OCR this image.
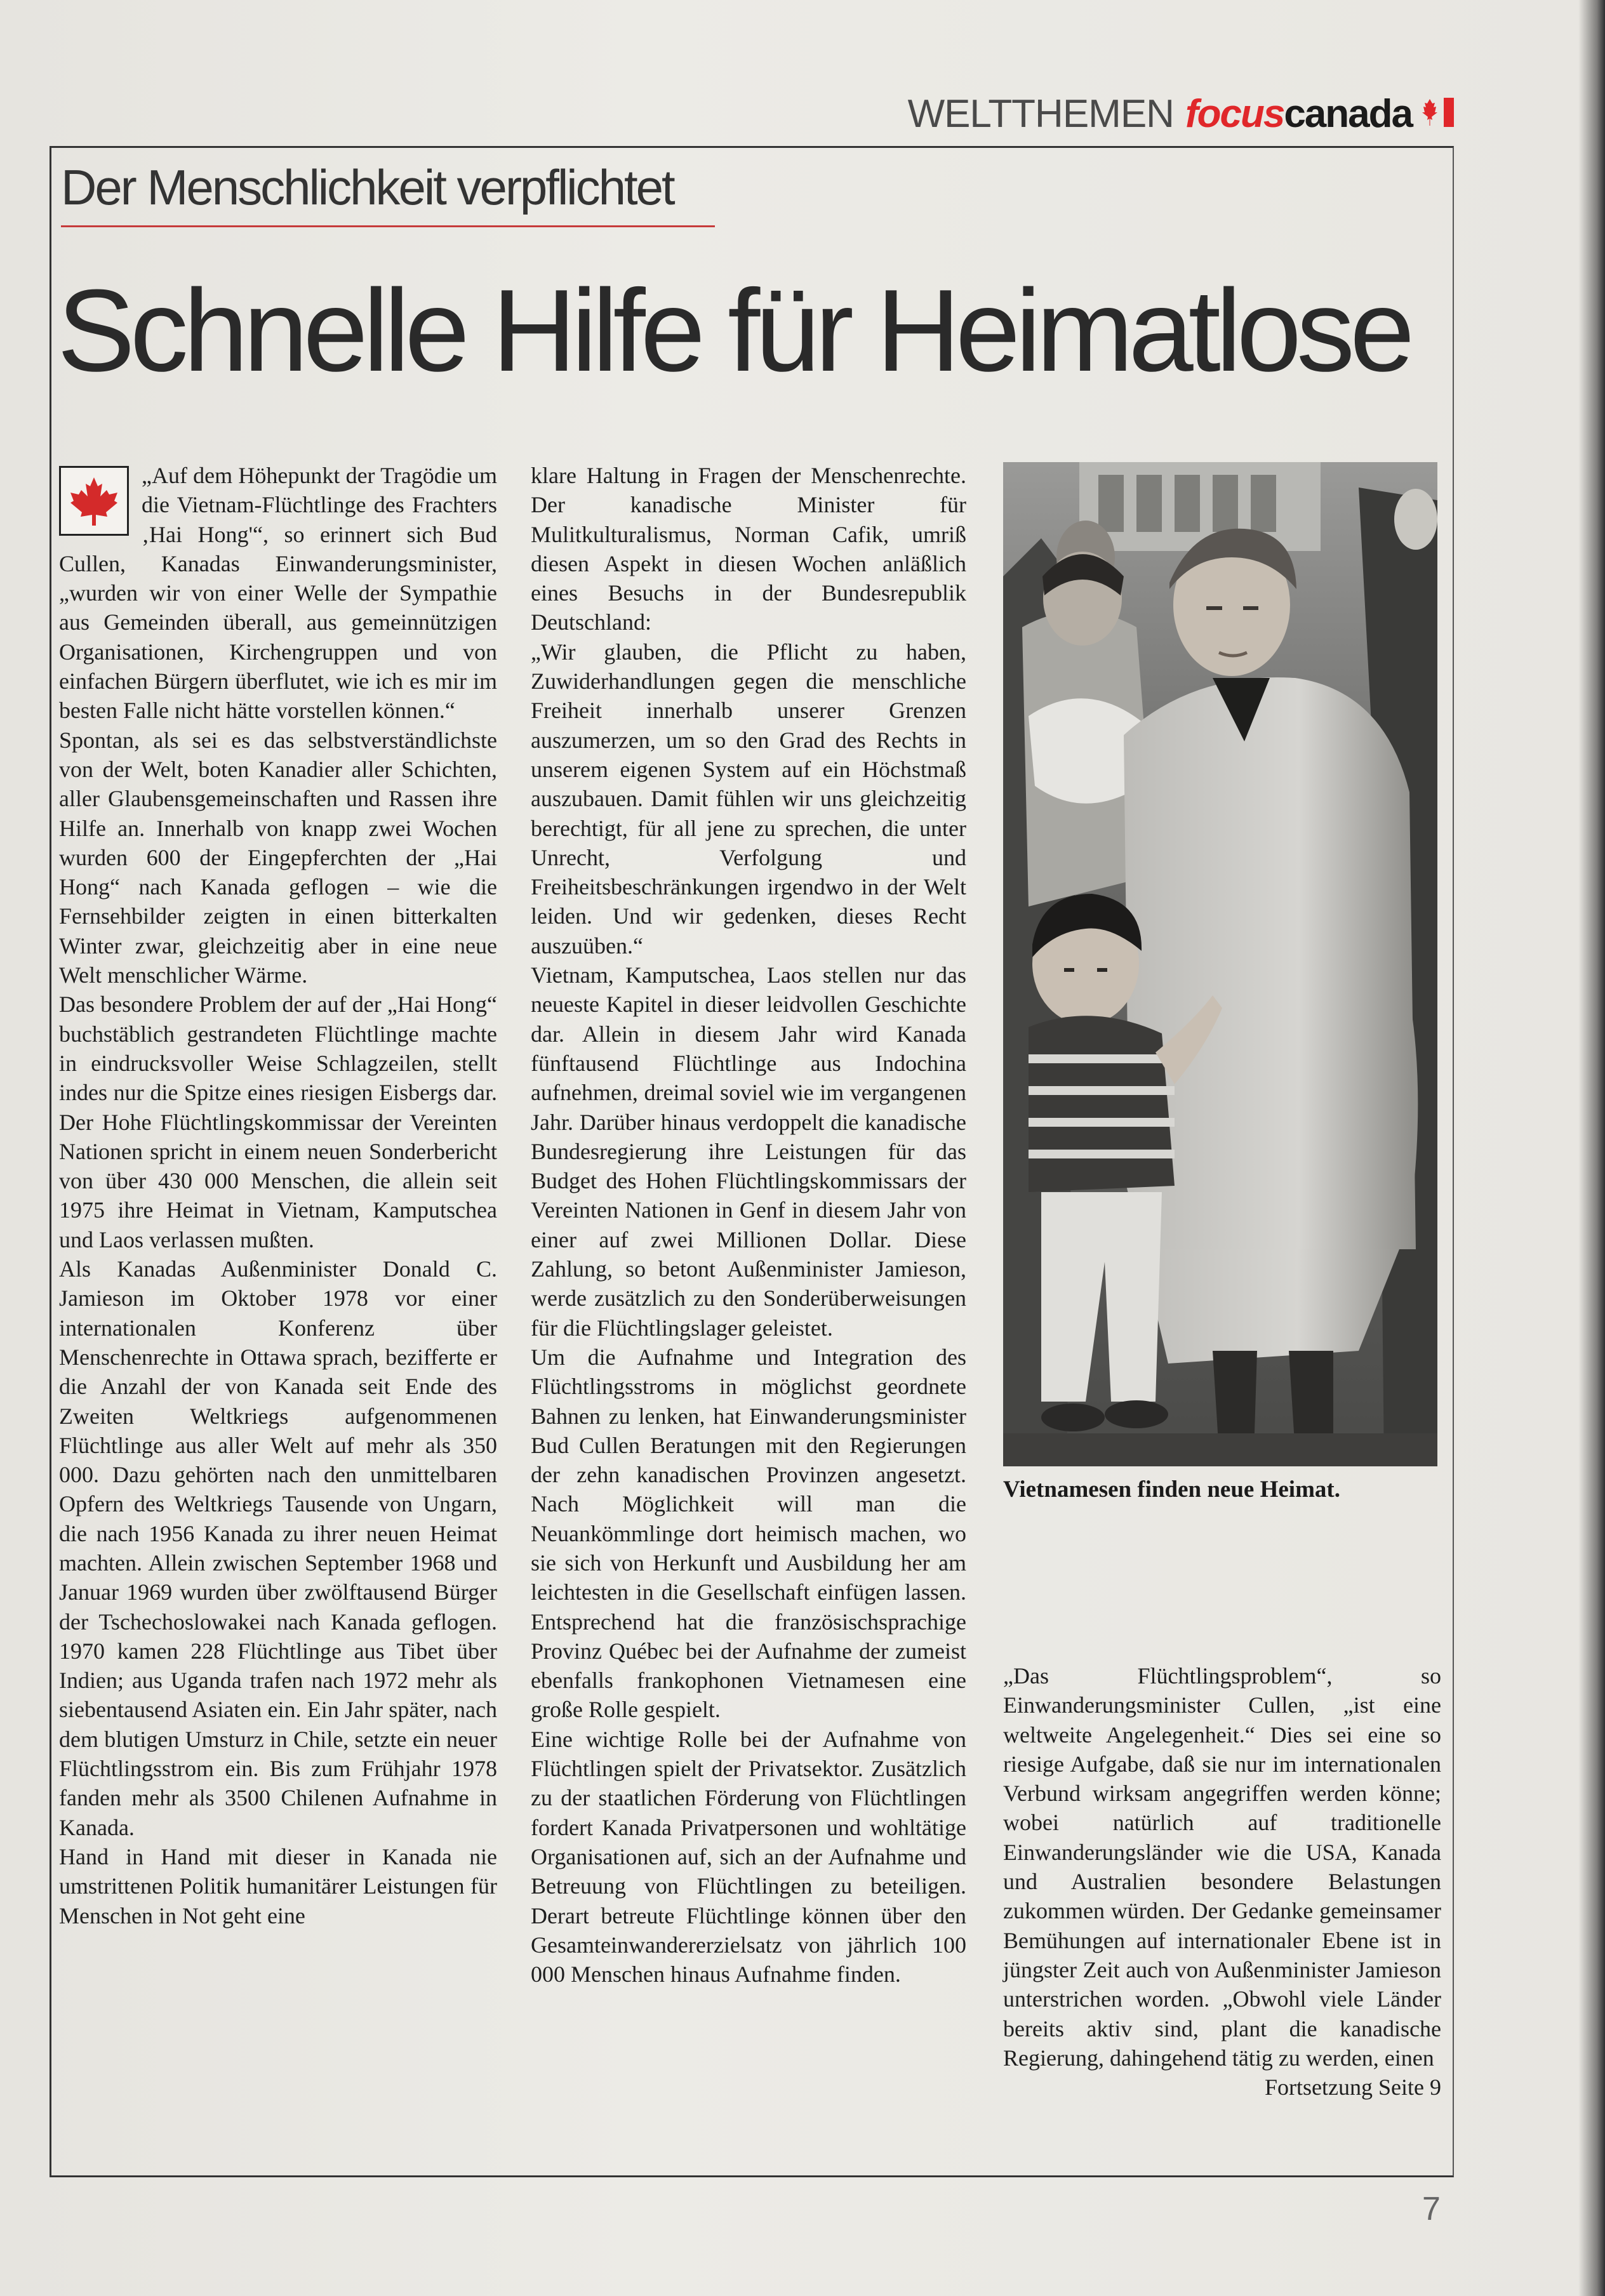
WELTTHEMEN focuscanada
Der Menschlichkeit verpflichtet
Schnelle Hilfe für Heimatlose

„Auf dem Höhepunkt der Tragödie um die Vietnam-Flüchtlinge des Frachters ‚Hai Hong'“, so erinnert sich Bud Cullen, Kanadas Einwanderungsminister, „wurden wir von einer Welle der Sympathie aus Gemeinden überall, aus gemeinnützigen Organisationen, Kirchengruppen und von einfachen Bürgern überflutet, wie ich es mir im besten Falle nicht hätte vorstellen können.“

Spontan, als sei es das selbstverständlichste von der Welt, boten Kanadier aller Schichten, aller Glaubensgemeinschaften und Rassen ihre Hilfe an. Innerhalb von knapp zwei Wochen wurden 600 der Eingepferchten der „Hai Hong“ nach Kanada geflogen – wie die Fernsehbilder zeigten in einen bitterkalten Winter zwar, gleichzeitig aber in eine neue Welt menschlicher Wärme.

Das besondere Problem der auf der „Hai Hong“ buchstäblich gestrandeten Flüchtlinge machte in eindrucksvoller Weise Schlagzeilen, stellt indes nur die Spitze eines riesigen Eisbergs dar. Der Hohe Flüchtlingskommissar der Vereinten Nationen spricht in einem neuen Sonderbericht von über 430 000 Menschen, die allein seit 1975 ihre Heimat in Vietnam, Kamputschea und Laos verlassen mußten.

Als Kanadas Außenminister Donald C. Jamieson im Oktober 1978 vor einer internationalen Konferenz über Menschenrechte in Ottawa sprach, bezifferte er die Anzahl der von Kanada seit Ende des Zweiten Weltkriegs aufgenommenen Flüchtlinge aus aller Welt auf mehr als 350 000. Dazu gehörten nach den unmittelbaren Opfern des Weltkriegs Tausende von Ungarn, die nach 1956 Kanada zu ihrer neuen Heimat machten. Allein zwischen September 1968 und Januar 1969 wurden über zwölftausend Bürger der Tschechoslowakei nach Kanada geflogen. 1970 kamen 228 Flüchtlinge aus Tibet über Indien; aus Uganda trafen nach 1972 mehr als siebentausend Asiaten ein. Ein Jahr später, nach dem blutigen Umsturz in Chile, setzte ein neuer Flüchtlingsstrom ein. Bis zum Frühjahr 1978 fanden mehr als 3500 Chilenen Aufnahme in Kanada.

Hand in Hand mit dieser in Kanada nie umstrittenen Politik humanitärer Leistungen für Menschen in Not geht eine

klare Haltung in Fragen der Menschenrechte. Der kanadische Minister für Mulitkulturalismus, Norman Cafik, umriß diesen Aspekt in diesen Wochen anläßlich eines Besuchs in der Bundesrepublik Deutschland:

„Wir glauben, die Pflicht zu haben, Zuwiderhandlungen gegen die menschliche Freiheit innerhalb unserer Grenzen auszumerzen, um so den Grad des Rechts in unserem eigenen System auf ein Höchstmaß auszubauen. Damit fühlen wir uns gleichzeitig berechtigt, für all jene zu sprechen, die unter Unrecht, Verfolgung und Freiheitsbeschränkungen irgendwo in der Welt leiden. Und wir gedenken, dieses Recht auszuüben.“

Vietnam, Kamputschea, Laos stellen nur das neueste Kapitel in dieser leidvollen Geschichte dar. Allein in diesem Jahr wird Kanada fünftausend Flüchtlinge aus Indochina aufnehmen, dreimal soviel wie im vergangenen Jahr. Darüber hinaus verdoppelt die kanadische Bundesregierung ihre Leistungen für das Budget des Hohen Flüchtlingskommissars der Vereinten Nationen in Genf in diesem Jahr von einer auf zwei Millionen Dollar. Diese Zahlung, so betont Außenminister Jamieson, werde zusätzlich zu den Sonderüberweisungen für die Flüchtlingslager geleistet.

Um die Aufnahme und Integration des Flüchtlingsstroms in möglichst geordnete Bahnen zu lenken, hat Einwanderungsminister Bud Cullen Beratungen mit den Regierungen der zehn kanadischen Provinzen angesetzt. Nach Möglichkeit will man die Neuankömmlinge dort heimisch machen, wo sie sich von Herkunft und Ausbildung her am leichtesten in die Gesellschaft einfügen lassen. Entsprechend hat die französischsprachige Provinz Québec bei der Aufnahme der zumeist ebenfalls frankophonen Vietnamesen eine große Rolle gespielt.

Eine wichtige Rolle bei der Aufnahme von Flüchtlingen spielt der Privatsektor. Zusätzlich zu der staatlichen Förderung von Flüchtlingen fordert Kanada Privatpersonen und wohltätige Organisationen auf, sich an der Aufnahme und Betreuung von Flüchtlingen zu beteiligen. Derart betreute Flüchtlinge können über den Gesamteinwandererzielsatz von jährlich 100 000 Menschen hinaus Aufnahme finden.

Vietnamesen finden neue Heimat.

„Das Flüchtlingsproblem“, so Einwanderungsminister Cullen, „ist eine weltweite Angelegenheit.“ Dies sei eine so riesige Aufgabe, daß sie nur im internationalen Verbund wirksam angegriffen werden könne; wobei natürlich auf traditionelle Einwanderungsländer wie die USA, Kanada und Australien besondere Belastungen zukommen würden. Der Gedanke gemeinsamer Bemühungen auf internationaler Ebene ist in jüngster Zeit auch von Außenminister Jamieson unterstrichen worden. „Obwohl viele Länder bereits aktiv sind, plant die kanadische Regierung, dahingehend tätig zu werden, einen

Fortsetzung Seite 9

7
